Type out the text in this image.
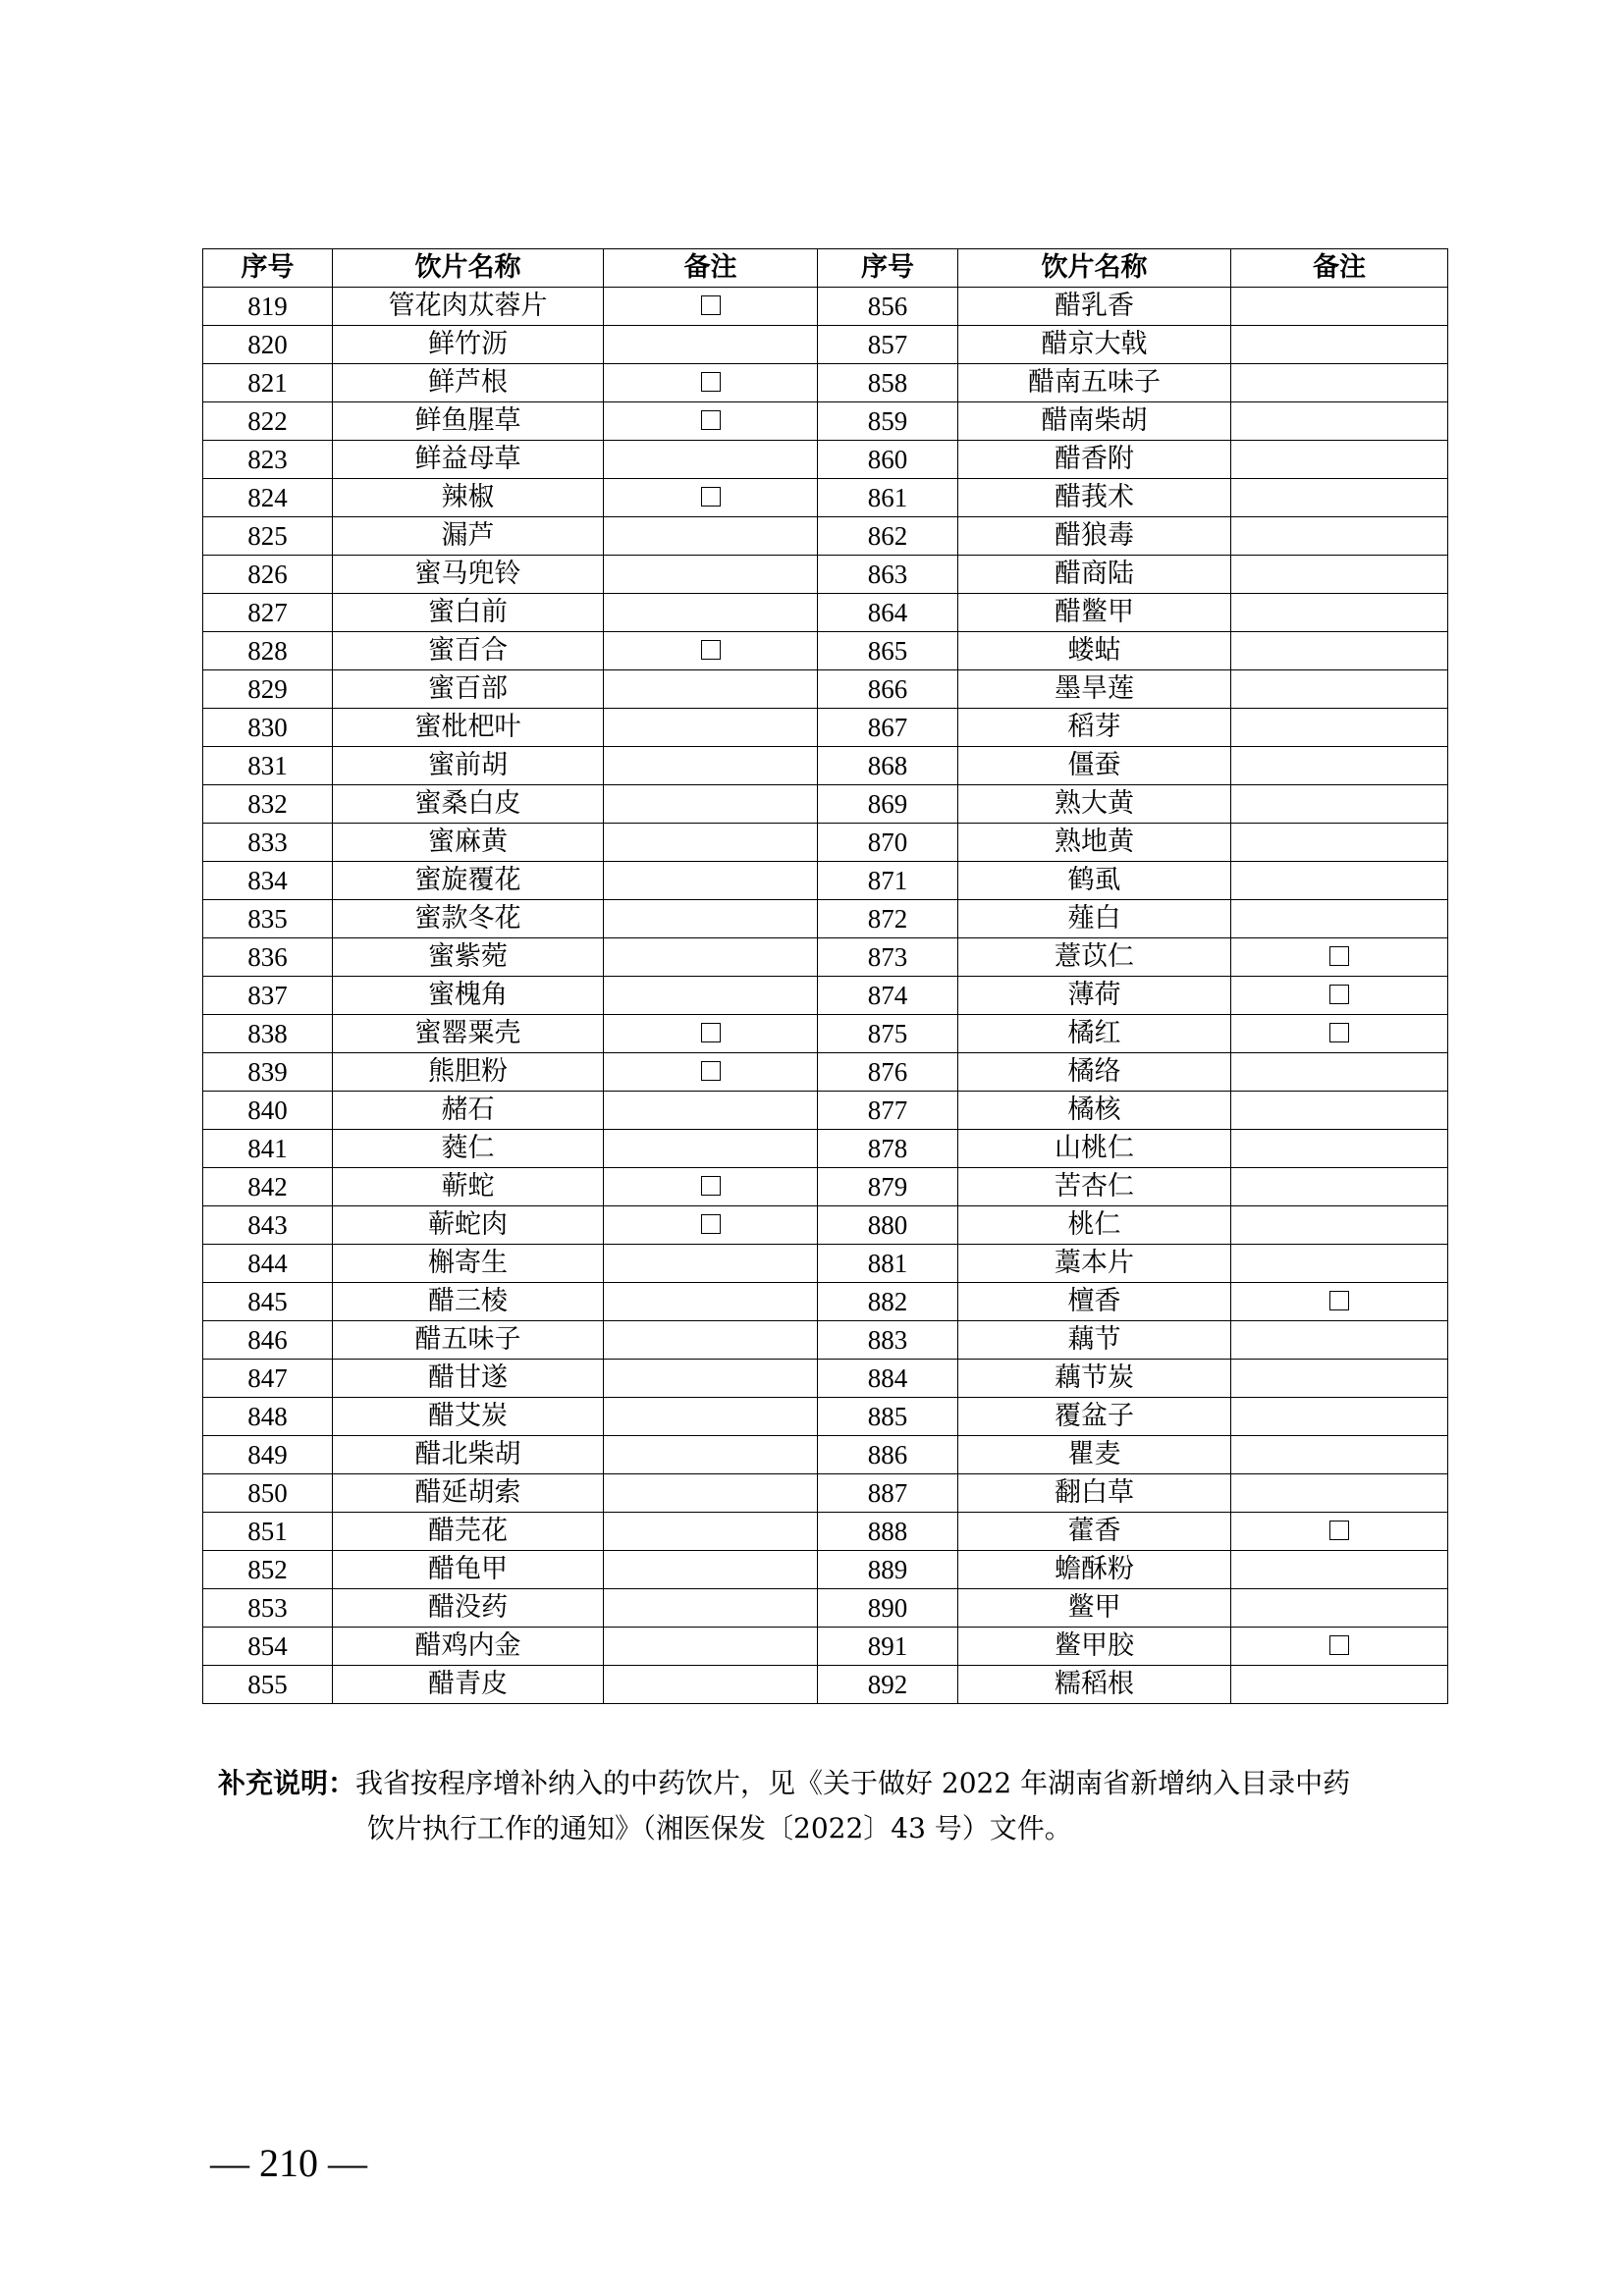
序号	饮片名称	备注	序号	饮片名称	备注
819	管花肉苁蓉片		856	醋乳香	
820	鲜竹沥		857	醋京大戟	
821	鲜芦根		858	醋南五味子	
822	鲜鱼腥草		859	醋南柴胡	
823	鲜益母草		860	醋香附	
824	辣椒		861	醋莪术	
825	漏芦		862	醋狼毒	
826	蜜马兜铃		863	醋商陆	
827	蜜白前		864	醋鳖甲	
828	蜜百合		865	蝼蛄	
829	蜜百部		866	墨旱莲	
830	蜜枇杷叶		867	稻芽	
831	蜜前胡		868	僵蚕	
832	蜜桑白皮		869	熟大黄	
833	蜜麻黄		870	熟地黄	
834	蜜旋覆花		871	鹤虱	
835	蜜款冬花		872	薤白	
836	蜜紫菀		873	薏苡仁	
837	蜜槐角		874	薄荷	
838	蜜罂粟壳		875	橘红	
839	熊胆粉		876	橘络	
840	赭石		877	橘核	
841	蕤仁		878	山桃仁	
842	蕲蛇		879	苦杏仁	
843	蕲蛇肉		880	桃仁	
844	槲寄生		881	藁本片	
845	醋三棱		882	檀香	
846	醋五味子		883	藕节	
847	醋甘遂		884	藕节炭	
848	醋艾炭		885	覆盆子	
849	醋北柴胡		886	瞿麦	
850	醋延胡索		887	翻白草	
851	醋芫花		888	藿香	
852	醋龟甲		889	蟾酥粉	
853	醋没药		890	鳖甲	
854	醋鸡内金		891	鳖甲胶	
855	醋青皮		892	糯稻根	
补充说明：我省按程序增补纳入的中药饮片，见《关于做好 2022 年湖南省新增纳入目录中药
饮片执行工作的通知》（湘医保发〔2022〕43 号）文件。
— 210 —
